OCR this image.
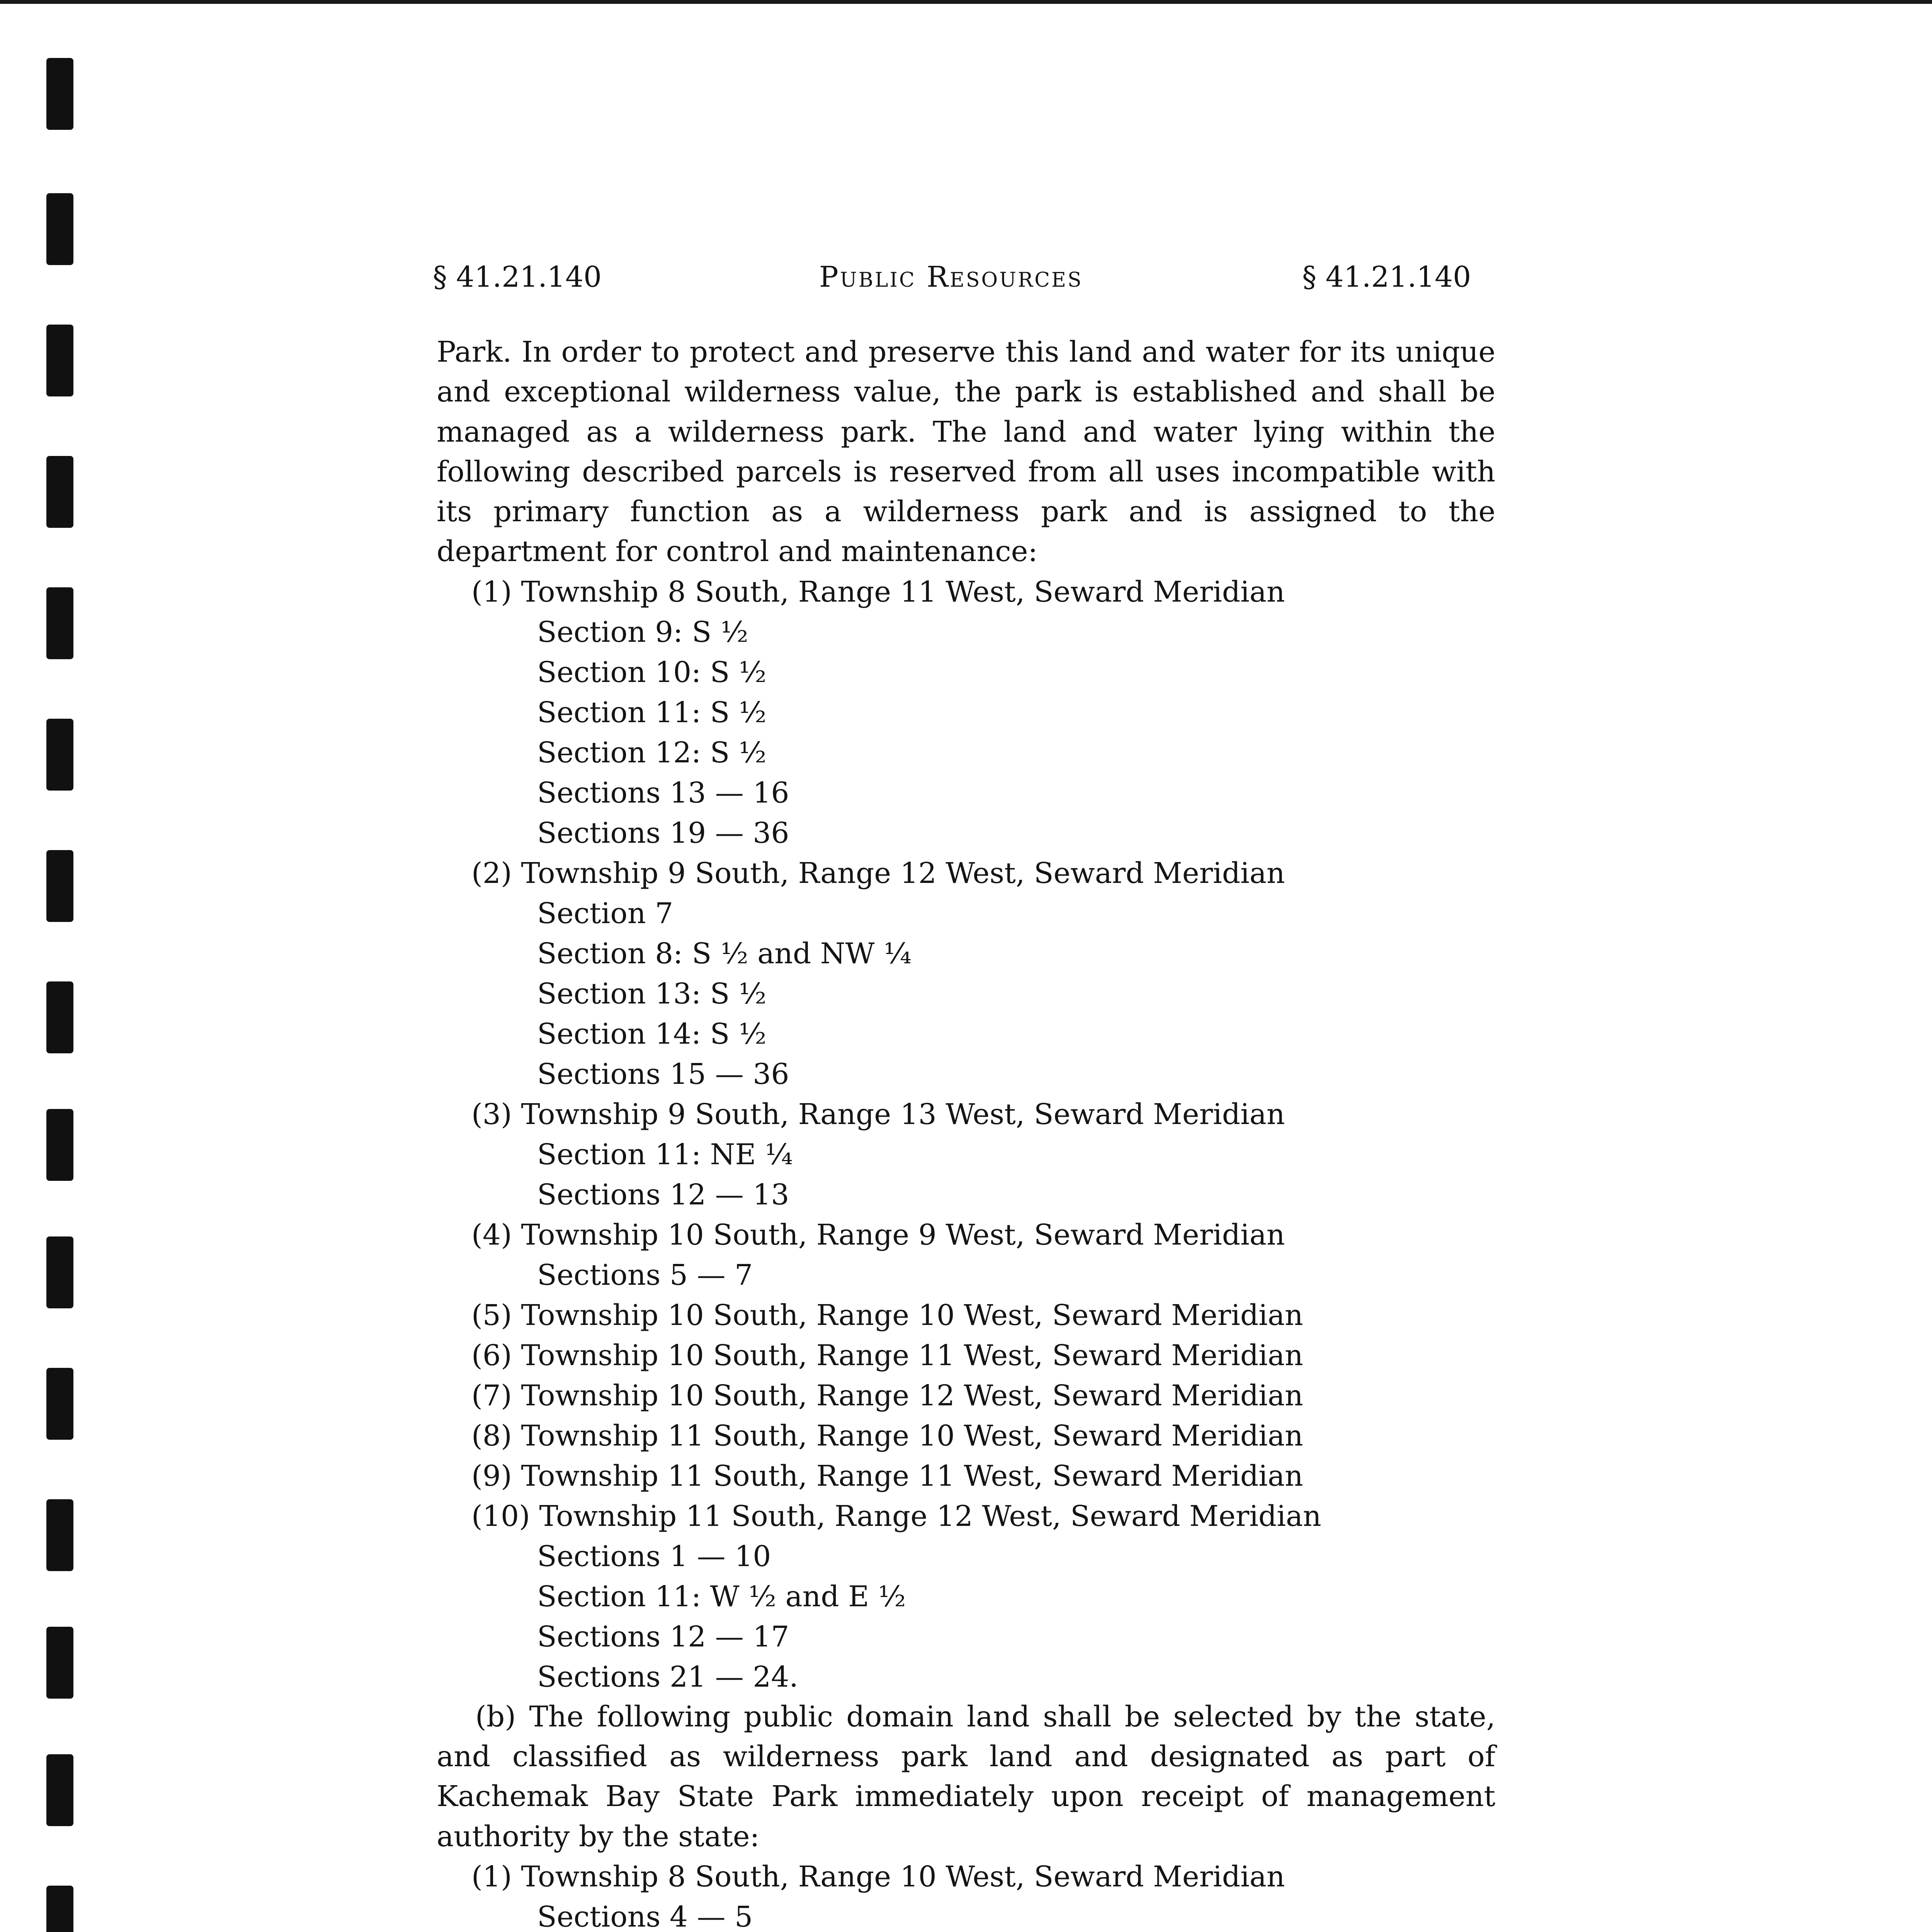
§ 41.21.140	Public Resources	§ 41.21.140

Park. In order to protect and preserve this land and water for its unique and exceptional wilderness value, the park is established and shall be managed as a wilderness park. The land and water lying within the following described parcels is reserved from all uses incompatible with its primary function as a wilderness park and is assigned to the department for control and maintenance:

(1) Township 8 South, Range 11 West, Seward Meridian
Section 9: S ½
Section 10: S ½
Section 11: S ½
Section 12: S ½
Sections 13 — 16
Sections 19 — 36
(2) Township 9 South, Range 12 West, Seward Meridian
Section 7
Section 8: S ½ and NW ¼
Section 13: S ½
Section 14: S ½
Sections 15 — 36
(3) Township 9 South, Range 13 West, Seward Meridian
Section 11: NE ¼
Sections 12 — 13
(4) Township 10 South, Range 9 West, Seward Meridian
Sections 5 — 7
(5) Township 10 South, Range 10 West, Seward Meridian
(6) Township 10 South, Range 11 West, Seward Meridian
(7) Township 10 South, Range 12 West, Seward Meridian
(8) Township 11 South, Range 10 West, Seward Meridian
(9) Township 11 South, Range 11 West, Seward Meridian
(10) Township 11 South, Range 12 West, Seward Meridian
Sections 1 — 10
Section 11: W ½ and E ½
Sections 12 — 17
Sections 21 — 24.

(b) The following public domain land shall be selected by the state, and classified as wilderness park land and designated as part of Kachemak Bay State Park immediately upon receipt of management authority by the state:

(1) Township 8 South, Range 10 West, Seward Meridian
Sections 4 — 5
